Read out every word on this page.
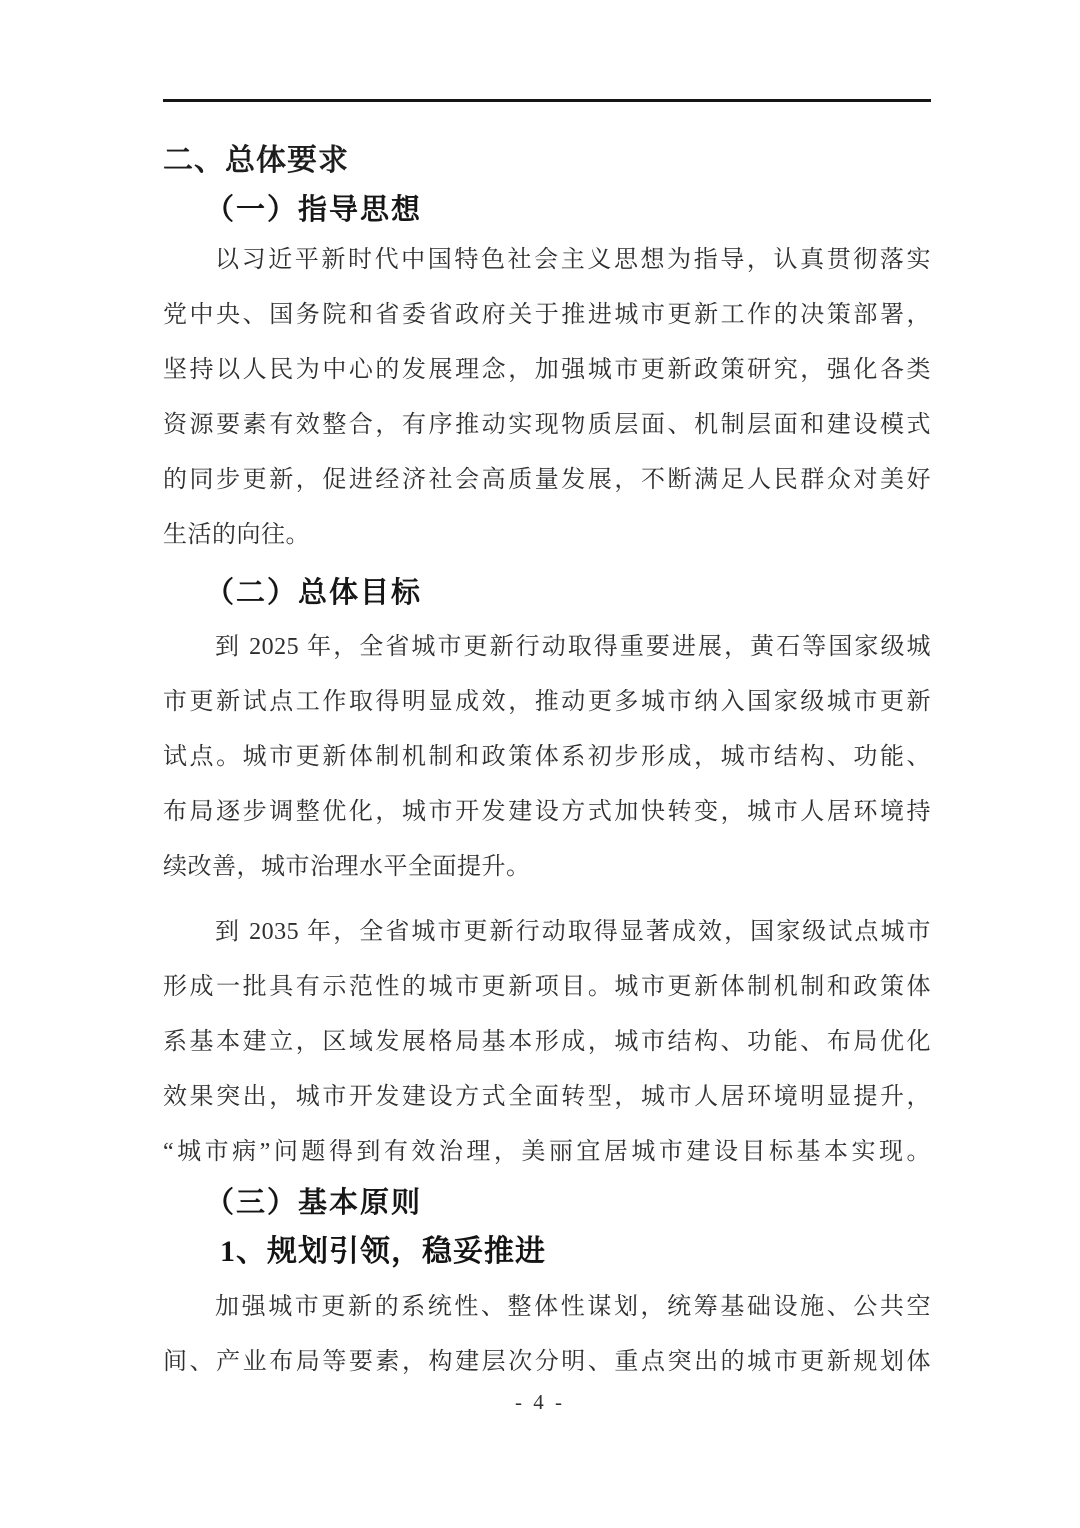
二、总体要求
（一）指导思想
以习近平新时代中国特色社会主义思想为指导，认真贯彻落实
党中央、国务院和省委省政府关于推进城市更新工作的决策部署，
坚持以人民为中心的发展理念，加强城市更新政策研究，强化各类
资源要素有效整合，有序推动实现物质层面、机制层面和建设模式
的同步更新，促进经济社会高质量发展，不断满足人民群众对美好
生活的向往。
（二）总体目标
到 2025 年，全省城市更新行动取得重要进展，黄石等国家级城
市更新试点工作取得明显成效，推动更多城市纳入国家级城市更新
试点。城市更新体制机制和政策体系初步形成，城市结构、功能、
布局逐步调整优化，城市开发建设方式加快转变，城市人居环境持
续改善，城市治理水平全面提升。
到 2035 年，全省城市更新行动取得显著成效，国家级试点城市
形成一批具有示范性的城市更新项目。城市更新体制机制和政策体
系基本建立，区域发展格局基本形成，城市结构、功能、布局优化
效果突出，城市开发建设方式全面转型，城市人居环境明显提升，
“城市病”问题得到有效治理，美丽宜居城市建设目标基本实现。
（三）基本原则
1、规划引领，稳妥推进
加强城市更新的系统性、整体性谋划，统筹基础设施、公共空
间、产业布局等要素，构建层次分明、重点突出的城市更新规划体
- 4 -
